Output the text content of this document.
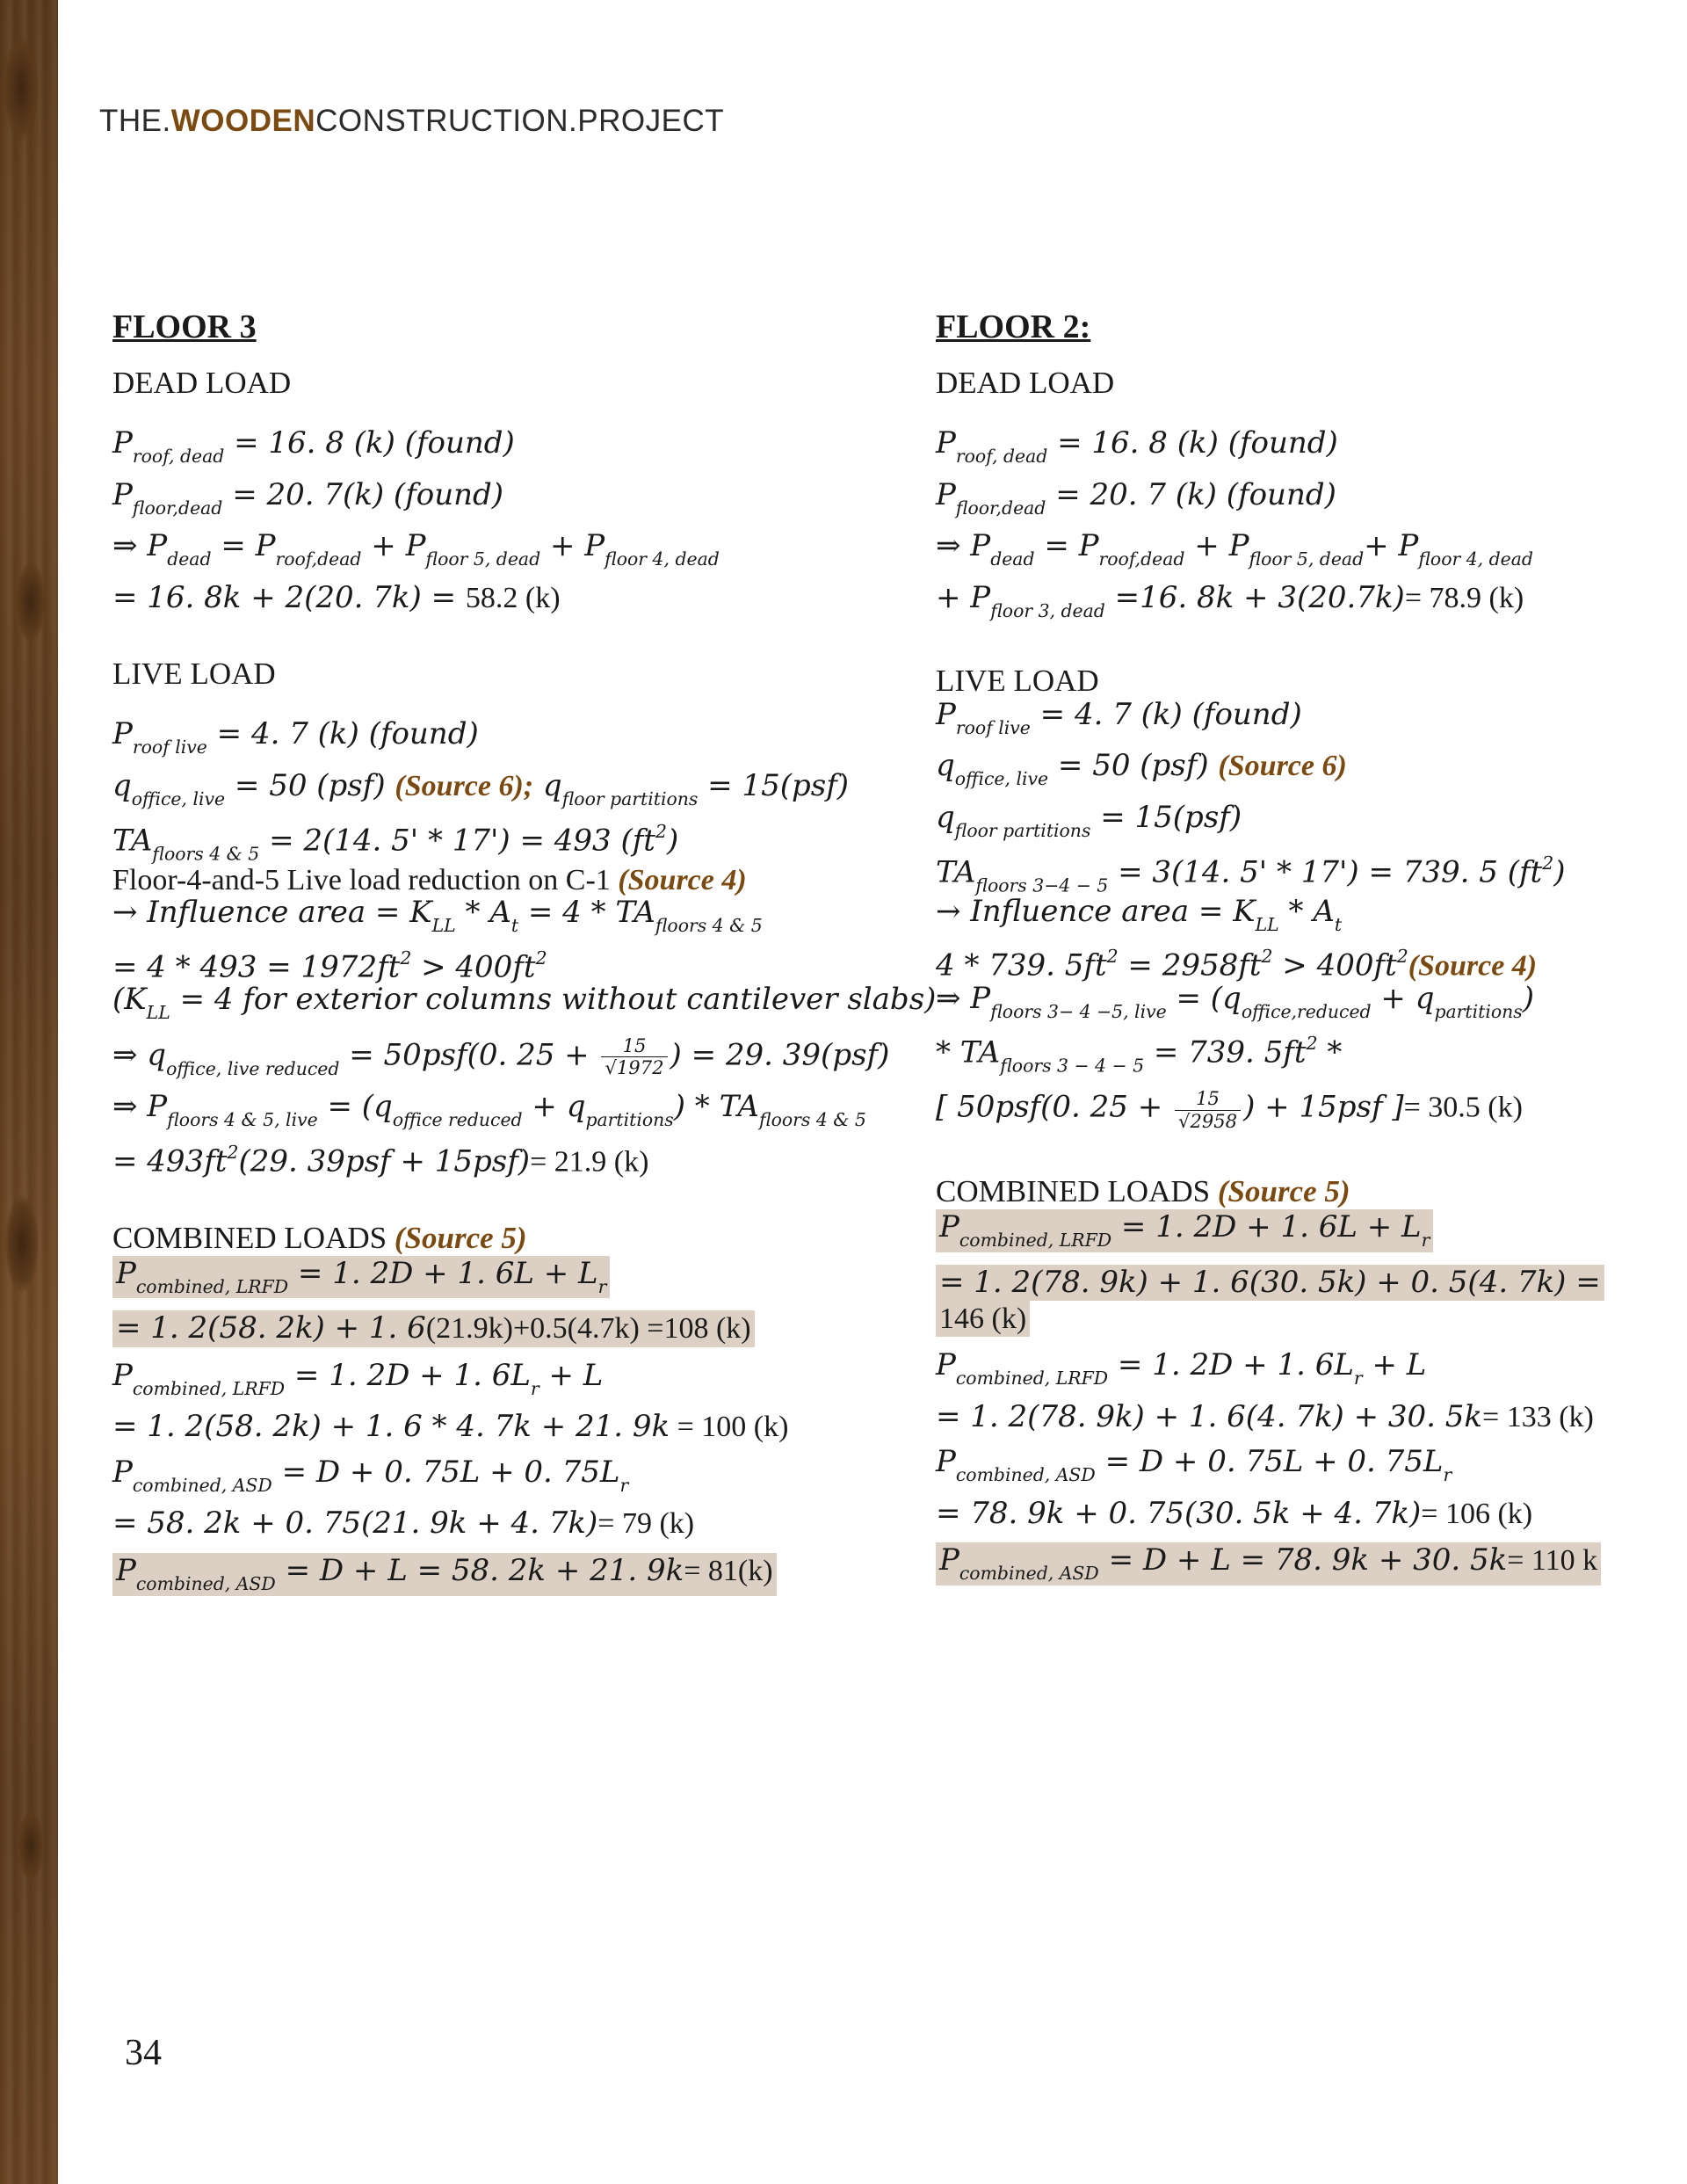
THE.WOODENCONSTRUCTION.PROJECT

FLOOR 3

DEAD LOAD

$P_{roof, dead} = 16$. 8 (k) (found)

$P_{floor,dead} = 20$. 7(k) (found)

⇒ $P_{dead} = P_{roof,dead} + P_{floor 5, dead} + P_{floor 4, dead}$

= 16. 8k + 2(20. 7k) = 58.2 (k)

LIVE LOAD

$P_{roof live} = 4$. 7 (k) (found)

$q_{office, live} = 50$ (psf) (Source 6); $q_{floor partitions} = 15(psf)$

$TA_{floors 4 \& 5} = 2(14$. 5' * 17') = 493 $(ft^2)$

Floor-4-and-5 Live load reduction on C-1 (Source 4)

→ Influence area = $K_{LL} * A_t = 4 * TA_{floors 4 \& 5}$

= $4 * 493 = 1972ft^2 > 400ft^2$

($K_{LL} = 4$ for exterior columns without cantilever slabs)

⇒ $q_{office, live reduced} = 50psf(0$. $25 + \frac{15}{√1972}$ ) = 29. 39(psf)

⇒ $P_{floors 4 \& 5, live} = (q_{office reduced} + q_{partitions}) * TA_{floors 4 \& 5}$

= $493ft^2(29$. 39psf + 15psf)= 21.9 (k)

COMBINED LOADS (Source 5)

$P_{combined, LRFD} = 1$. 2D + 1. $6L + L_r$

= 1. 2(58. 2k) + 1. 6(21.9k)+0.5(4.7k) =108 (k)

$P_{combined, LRFD} = 1$. 2D + 1. $6L_r + L$

= 1. 2(58. 2k) + 1. 6 * 4. 7k + 21. 9k = 100 (k)

$P_{combined, ASD} = D + 0$. 75L + 0. $75L_r$

= 58. 2k + 0. 75(21. 9k + 4. 7k)= 79 (k)

$P_{combined, ASD} = D + L = 58$. 2k + 21. 9k= 81(k)

FLOOR 2:

DEAD LOAD

$P_{roof, dead} = 16$. 8 (k) (found)

$P_{floor,dead} = 20$. 7 (k) (found)

⇒ $P_{dead} = P_{roof,dead} + P_{floor 5, dead}+ P_{floor 4, dead}$

+ $P_{floor 3, dead} =16$. 8k + 3(20.7k)= 78.9 (k)

LIVE LOAD

$P_{roof live} = 4$. 7 (k) (found)

$q_{office, live} = 50$ (psf) (Source 6)

$q_{floor partitions} = 15(psf)$

$TA_{floors 3-4 - 5} = 3(14$. 5' * 17') = 739. 5 $(ft^2)$

→ Influence area = $K_{LL} * A_t$

4 * 739. $5ft^2 = 2958ft^2$ > $400ft^2(Source$ 4)

⇒ $P_{floors 3- 4 -5, live} = (q_{office,reduced} + q_{partitions})$

* $TA_{floors 3 - 4 - 5} = 739$. $5ft^2$ *

[ 50psf(0. $25 + \frac{15}{√2958}$ ) + 15psf ]= 30.5 (k)

COMBINED LOADS (Source 5)

$P_{combined, LRFD} = 1$. 2D + 1. $6L + L_r$

= 1. 2(78. 9k) + 1. 6(30. 5k) + 0. 5(4. 7k) =

146 (k)

$P_{combined, LRFD} = 1$. 2D + 1. $6L_r + L$

= 1. 2(78. 9k) + 1. 6(4. 7k) + 30. 5k= 133 (k)

$P_{combined, ASD} = D + 0$. 75L + 0. $75L_r$

= 78. 9k + 0. 75(30. 5k + 4. 7k)= 106 (k)

$P_{combined, ASD} = D + L = 78$. 9k + 30. 5k= 110 k

34
